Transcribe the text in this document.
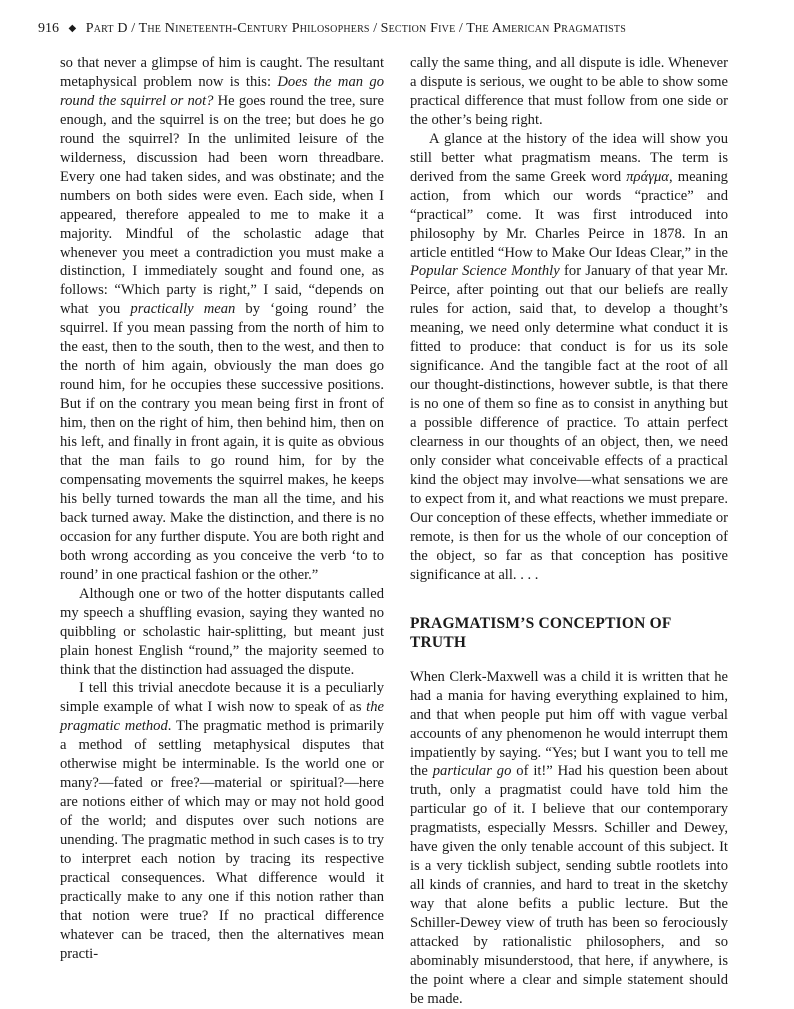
916 ◆ Part D / The Nineteenth-Century Philosophers / Section Five / The American Pragmatists

so that never a glimpse of him is caught. The resultant metaphysical problem now is this: Does the man go round the squirrel or not? He goes round the tree, sure enough, and the squirrel is on the tree; but does he go round the squirrel? In the unlimited leisure of the wilderness, discussion had been worn threadbare. Every one had taken sides, and was obstinate; and the numbers on both sides were even. Each side, when I appeared, therefore appealed to me to make it a majority. Mindful of the scholastic adage that whenever you meet a contradiction you must make a distinction, I immediately sought and found one, as follows: “Which party is right,” I said, “depends on what you practically mean by ‘going round’ the squirrel. If you mean passing from the north of him to the east, then to the south, then to the west, and then to the north of him again, obviously the man does go round him, for he occupies these successive positions. But if on the contrary you mean being first in front of him, then on the right of him, then behind him, then on his left, and finally in front again, it is quite as obvious that the man fails to go round him, for by the compensating movements the squirrel makes, he keeps his belly turned towards the man all the time, and his back turned away. Make the distinction, and there is no occasion for any further dispute. You are both right and both wrong according as you conceive the verb ‘to to round’ in one practical fashion or the other.”

Although one or two of the hotter disputants called my speech a shuffling evasion, saying they wanted no quibbling or scholastic hair-splitting, but meant just plain honest English “round,” the majority seemed to think that the distinction had assuaged the dispute.

I tell this trivial anecdote because it is a peculiarly simple example of what I wish now to speak of as the pragmatic method. The pragmatic method is primarily a method of settling metaphysical disputes that otherwise might be interminable. Is the world one or many?—fated or free?—material or spiritual?—here are notions either of which may or may not hold good of the world; and disputes over such notions are unending. The pragmatic method in such cases is to try to interpret each notion by tracing its respective practical consequences. What difference would it practically make to any one if this notion rather than that notion were true? If no practical difference whatever can be traced, then the alternatives mean practi-

cally the same thing, and all dispute is idle. Whenever a dispute is serious, we ought to be able to show some practical difference that must follow from one side or the other’s being right.

A glance at the history of the idea will show you still better what pragmatism means. The term is derived from the same Greek word πράγμα, meaning action, from which our words “practice” and “practical” come. It was first introduced into philosophy by Mr. Charles Peirce in 1878. In an article entitled “How to Make Our Ideas Clear,” in the Popular Science Monthly for January of that year Mr. Peirce, after pointing out that our beliefs are really rules for action, said that, to develop a thought’s meaning, we need only determine what conduct it is fitted to produce: that conduct is for us its sole significance. And the tangible fact at the root of all our thought-distinctions, however subtle, is that there is no one of them so fine as to consist in anything but a possible difference of practice. To attain perfect clearness in our thoughts of an object, then, we need only consider what conceivable effects of a practical kind the object may involve—what sensations we are to expect from it, and what reactions we must prepare. Our conception of these effects, whether immediate or remote, is then for us the whole of our conception of the object, so far as that conception has positive significance at all. . . .

PRAGMATISM’S CONCEPTION OF TRUTH

When Clerk-Maxwell was a child it is written that he had a mania for having everything explained to him, and that when people put him off with vague verbal accounts of any phenomenon he would interrupt them impatiently by saying. “Yes; but I want you to tell me the particular go of it!” Had his question been about truth, only a pragmatist could have told him the particular go of it. I believe that our contemporary pragmatists, especially Messrs. Schiller and Dewey, have given the only tenable account of this subject. It is a very ticklish subject, sending subtle rootlets into all kinds of crannies, and hard to treat in the sketchy way that alone befits a public lecture. But the Schiller-Dewey view of truth has been so ferociously attacked by rationalistic philosophers, and so abominably misunderstood, that here, if anywhere, is the point where a clear and simple statement should be made.
